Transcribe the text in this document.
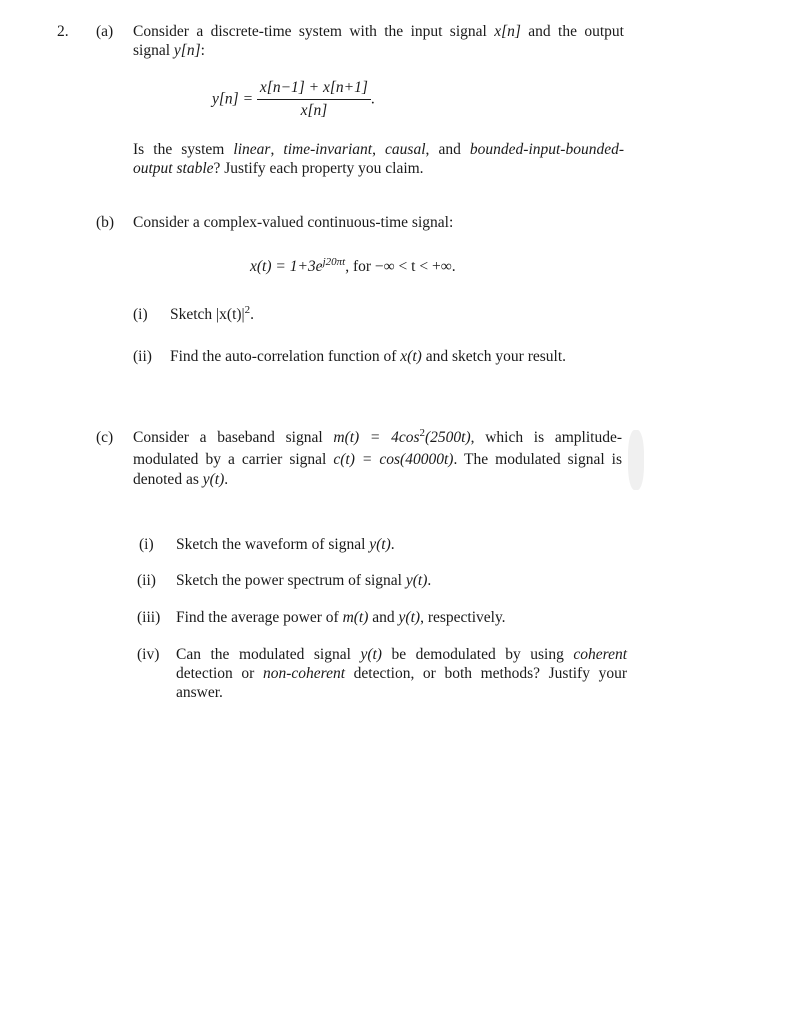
2. (a) Consider a discrete-time system with the input signal x[n] and the output
signal y[n]:
$y[n] = \frac{x[n-1] + x[n+1]}{x[n]}$ .
Is the system linear, time-invariant, causal, and bounded-input-bounded-
output stable? Justify each property you claim.
(b) Consider a complex-valued continuous-time signal:
$x(t) = 1+3e^{j20\pi t}$, for −∞ < t < +∞.
(i) Sketch $|x(t)|^2$.
(ii) Find the auto-correlation function of x(t) and sketch your result.
(c) Consider a baseband signal $m(t) = 4\cos^2(2500t)$, which is amplitude-
modulated by a carrier signal c(t) = cos(40000t). The modulated signal is
denoted as y(t).
(i) Sketch the waveform of signal y(t).
(ii) Sketch the power spectrum of signal y(t).
(iii) Find the average power of m(t) and y(t), respectively.
(iv) Can the modulated signal y(t) be demodulated by using coherent
detection or non-coherent detection, or both methods? Justify your
answer.
